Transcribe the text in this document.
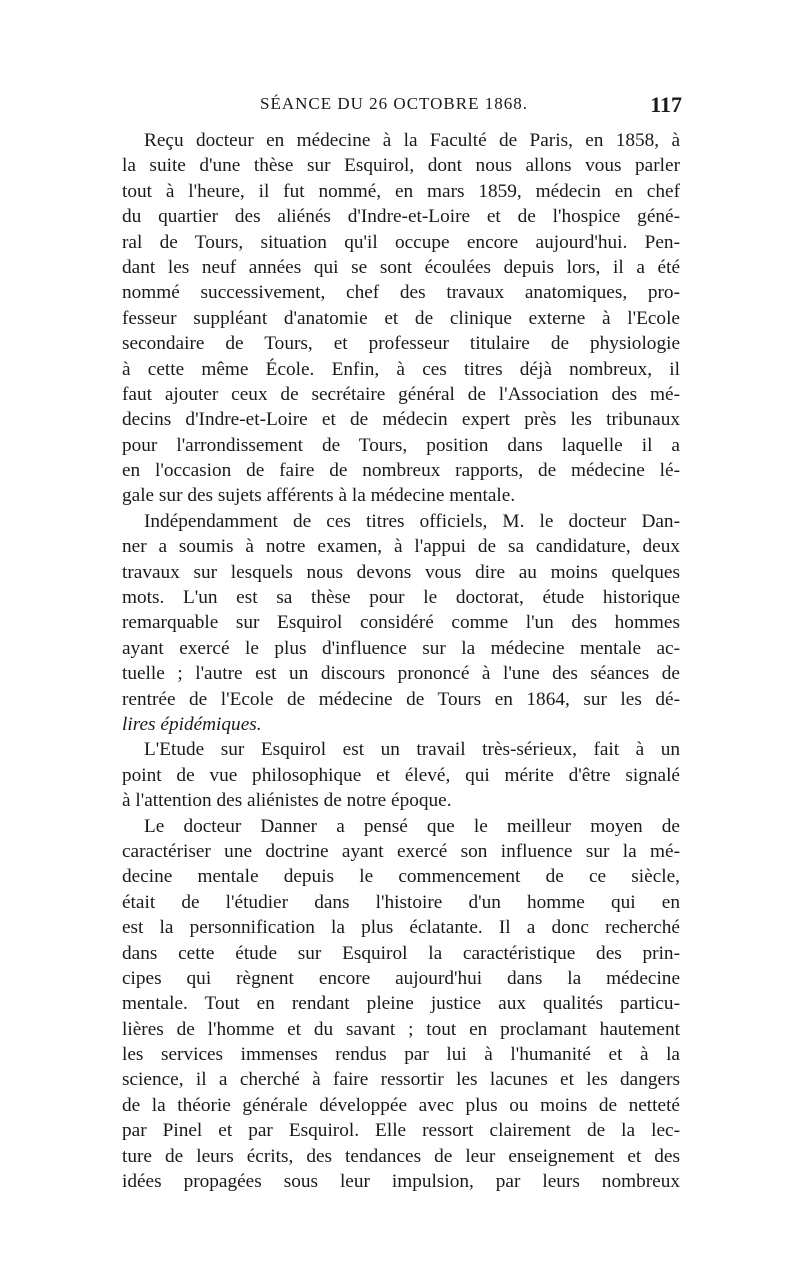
SÉANCE DU 26 OCTOBRE 1868.	117
Reçu docteur en médecine à la Faculté de Paris, en 1858, à
la suite d'une thèse sur Esquirol, dont nous allons vous parler
tout à l'heure, il fut nommé, en mars 1859, médecin en chef
du quartier des aliénés d'Indre-et-Loire et de l'hospice géné-
ral de Tours, situation qu'il occupe encore aujourd'hui. Pen-
dant les neuf années qui se sont écoulées depuis lors, il a été
nommé successivement, chef des travaux anatomiques, pro-
fesseur suppléant d'anatomie et de clinique externe à l'Ecole
secondaire de Tours, et professeur titulaire de physiologie
à cette même École. Enfin, à ces titres déjà nombreux, il
faut ajouter ceux de secrétaire général de l'Association des mé-
decins d'Indre-et-Loire et de médecin expert près les tribunaux
pour l'arrondissement de Tours, position dans laquelle il a
en l'occasion de faire de nombreux rapports, de médecine lé-
gale sur des sujets afférents à la médecine mentale.
Indépendamment de ces titres officiels, M. le docteur Dan-
ner a soumis à notre examen, à l'appui de sa candidature, deux
travaux sur lesquels nous devons vous dire au moins quelques
mots. L'un est sa thèse pour le doctorat, étude historique
remarquable sur Esquirol considéré comme l'un des hommes
ayant exercé le plus d'influence sur la médecine mentale ac-
tuelle ; l'autre est un discours prononcé à l'une des séances de
rentrée de l'Ecole de médecine de Tours en 1864, sur les dé-
lires épidémiques.
L'Etude sur Esquirol est un travail très-sérieux, fait à un
point de vue philosophique et élevé, qui mérite d'être signalé
à l'attention des aliénistes de notre époque.
Le docteur Danner a pensé que le meilleur moyen de
caractériser une doctrine ayant exercé son influence sur la mé-
decine mentale depuis le commencement de ce siècle,
était de l'étudier dans l'histoire d'un homme qui en
est la personnification la plus éclatante. Il a donc recherché
dans cette étude sur Esquirol la caractéristique des prin-
cipes qui règnent encore aujourd'hui dans la médecine
mentale. Tout en rendant pleine justice aux qualités particu-
lières de l'homme et du savant ; tout en proclamant hautement
les services immenses rendus par lui à l'humanité et à la
science, il a cherché à faire ressortir les lacunes et les dangers
de la théorie générale développée avec plus ou moins de netteté
par Pinel et par Esquirol. Elle ressort clairement de la lec-
ture de leurs écrits, des tendances de leur enseignement et des
idées propagées sous leur impulsion, par leurs nombreux
